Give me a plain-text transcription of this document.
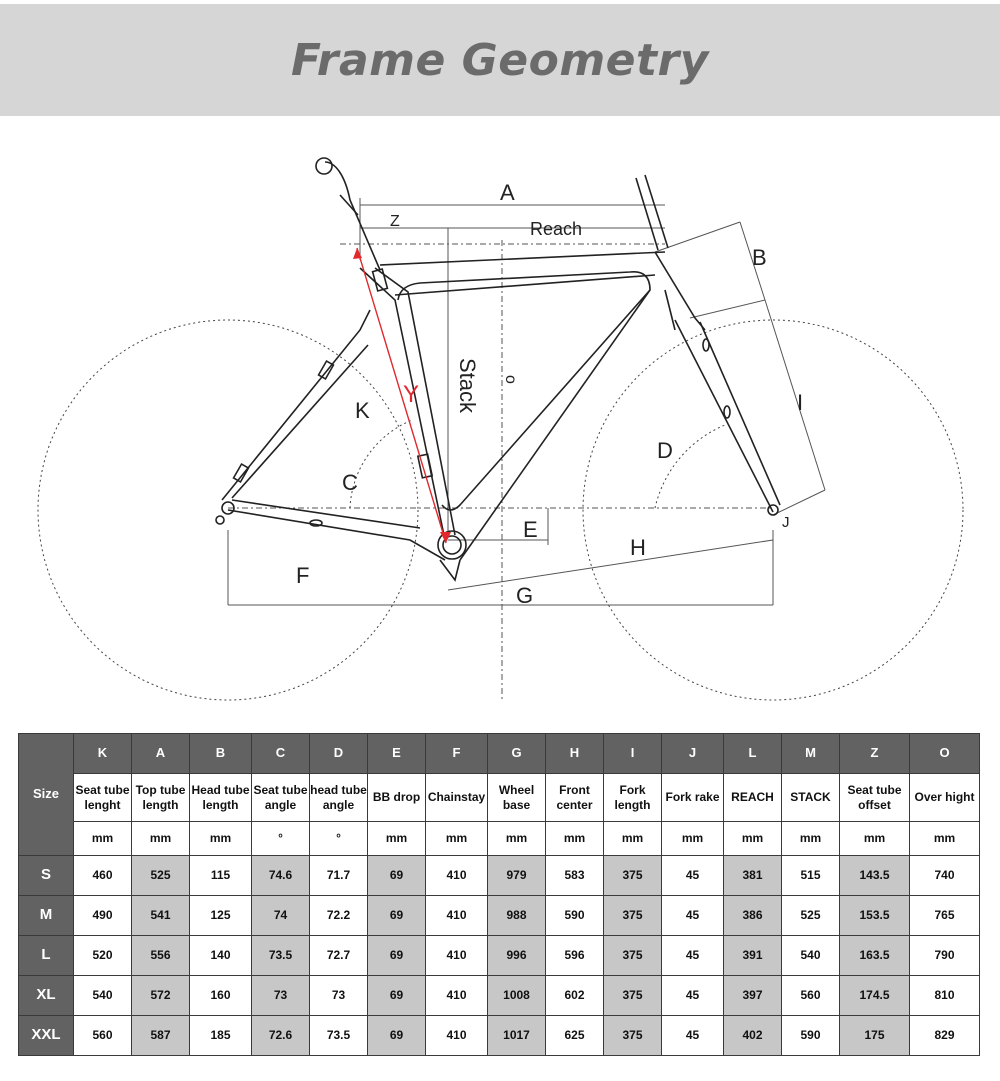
Frame Geometry
A
Z	Reach
B
Stack o
Y	I
K
D
C
E	J
H
F
G
Size	K	A	B	C	D	E	F	G	H	I	J	L	M	Z	O
	Seat tube lenght	Top tube length	Head tube length	Seat tube angle	head tube angle	BB drop	Chainstay	Wheel base	Front center	Fork length	Fork rake	REACH	STACK	Seat tube offset	Over hight
	mm	mm	mm	°	°	mm	mm	mm	mm	mm	mm	mm	mm	mm	mm
S	460	525	115	74.6	71.7	69	410	979	583	375	45	381	515	143.5	740
M	490	541	125	74	72.2	69	410	988	590	375	45	386	525	153.5	765
L	520	556	140	73.5	72.7	69	410	996	596	375	45	391	540	163.5	790
XL	540	572	160	73	73	69	410	1008	602	375	45	397	560	174.5	810
XXL	560	587	185	72.6	73.5	69	410	1017	625	375	45	402	590	175	829
